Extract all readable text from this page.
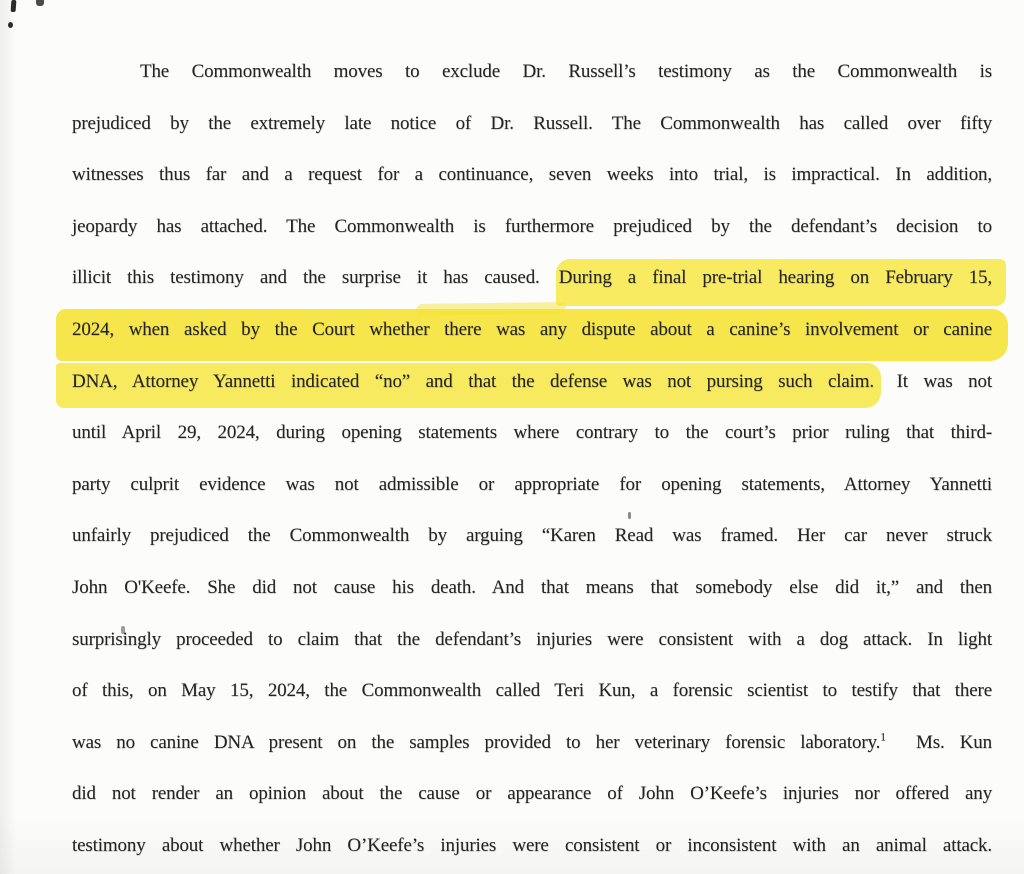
The Commonwealth moves to exclude Dr. Russell’s testimony as the Commonwealth is
prejudiced by the extremely late notice of Dr. Russell. The Commonwealth has called over fifty
witnesses thus far and a request for a continuance, seven weeks into trial, is impractical. In addition,
jeopardy has attached. The Commonwealth is furthermore prejudiced by the defendant’s decision to
illicit this testimony and the surprise it has caused. During a final pre-trial hearing on February 15,
2024, when asked by the Court whether there was any dispute about a canine’s involvement or canine
DNA, Attorney Yannetti indicated “no” and that the defense was not pursing such claim. It was not
until April 29, 2024, during opening statements where contrary to the court’s prior ruling that third-
party culprit evidence was not admissible or appropriate for opening statements, Attorney Yannetti
unfairly prejudiced the Commonwealth by arguing “Karen Read was framed. Her car never struck
John O'Keefe. She did not cause his death. And that means that somebody else did it,” and then
surprisingly proceeded to claim that the defendant’s injuries were consistent with a dog attack. In light
of this, on May 15, 2024, the Commonwealth called Teri Kun, a forensic scientist to testify that there
was no canine DNA present on the samples provided to her veterinary forensic laboratory.$^1$  Ms. Kun
did not render an opinion about the cause or appearance of John O’Keefe’s injuries nor offered any
testimony about whether John O’Keefe’s injuries were consistent or inconsistent with an animal attack.
